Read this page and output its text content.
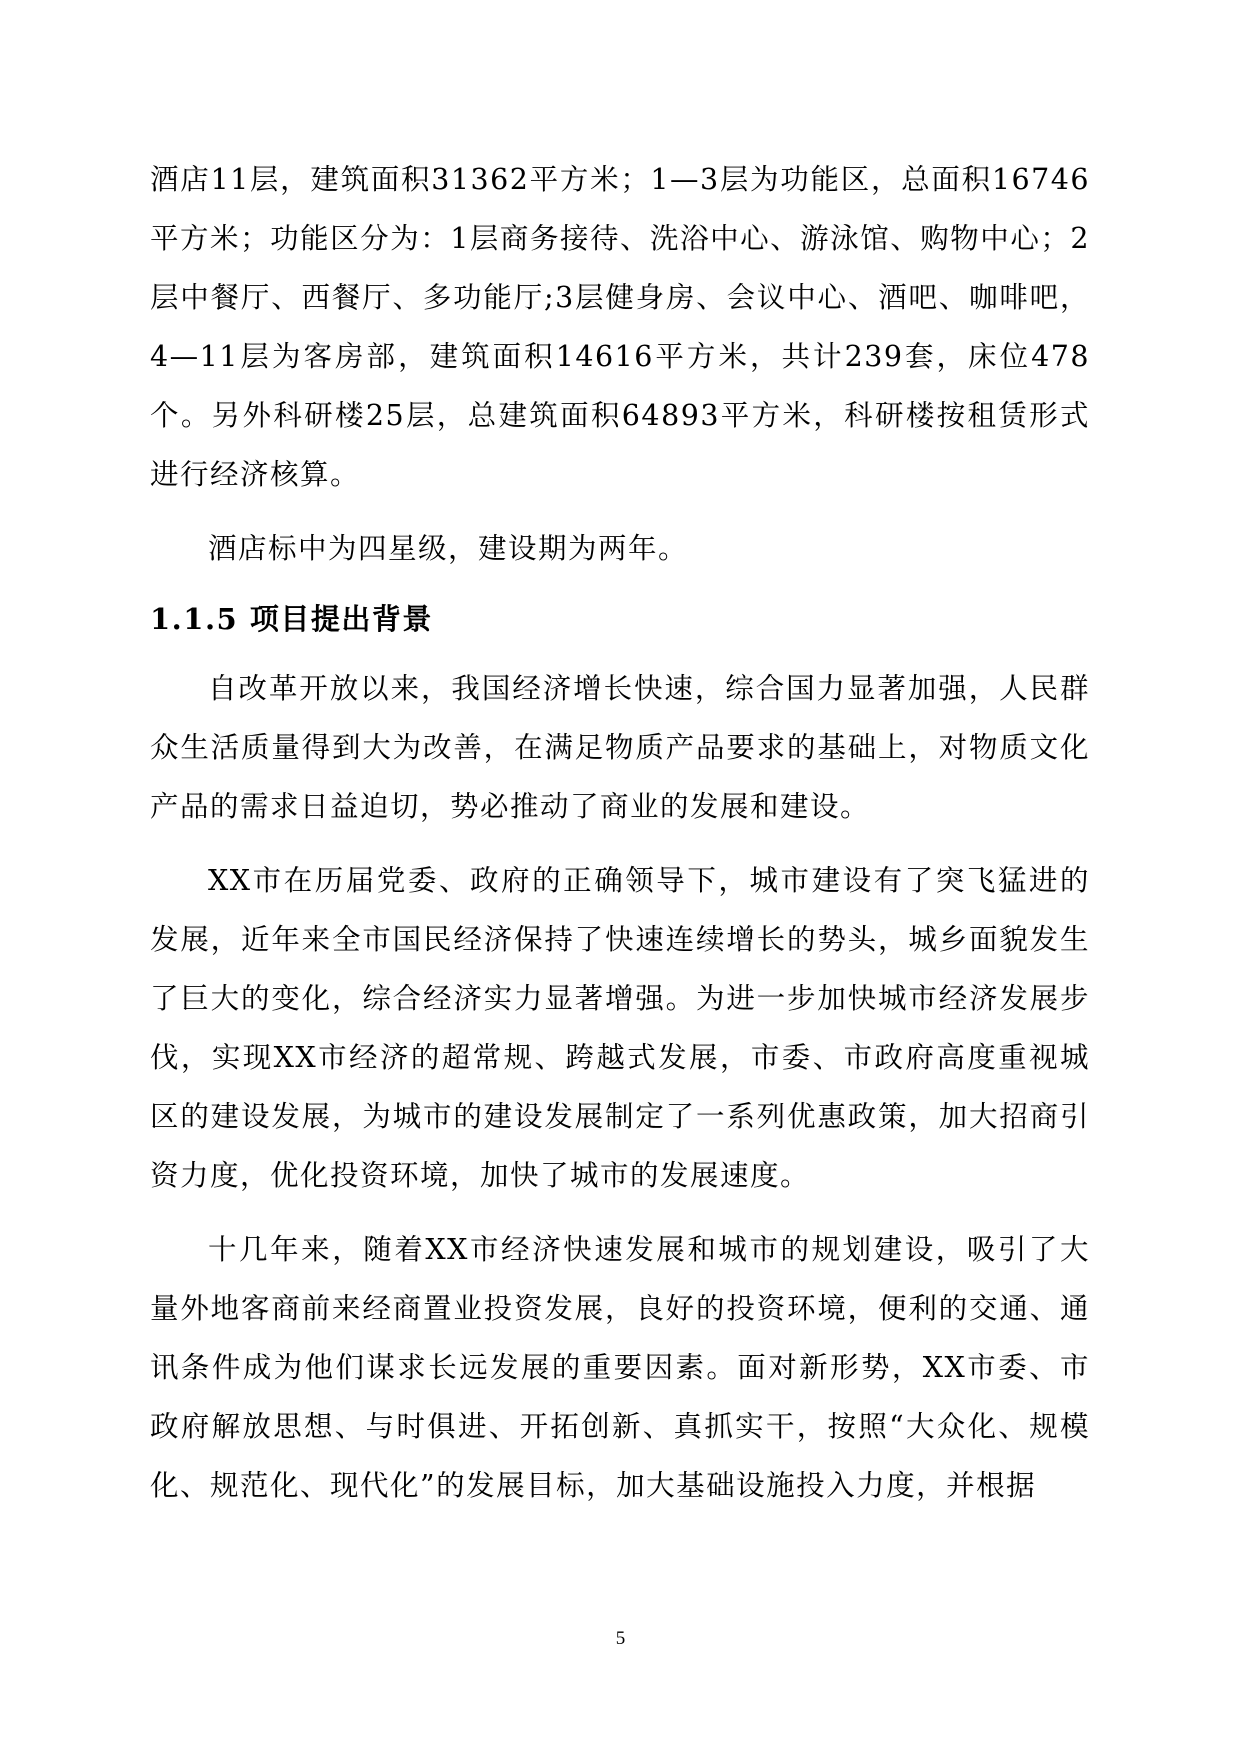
酒店11层，建筑面积31362平方米；1—3层为功能区，总面积16746平方米；功能区分为：1层商务接待、洗浴中心、游泳馆、购物中心；2层中餐厅、西餐厅、多功能厅;3层健身房、会议中心、酒吧、咖啡吧，4—11层为客房部，建筑面积14616平方米，共计239套，床位478个。另外科研楼25层，总建筑面积64893平方米，科研楼按租赁形式进行经济核算。

酒店标中为四星级，建设期为两年。

1.1.5 项目提出背景

自改革开放以来，我国经济增长快速，综合国力显著加强，人民群众生活质量得到大为改善，在满足物质产品要求的基础上，对物质文化产品的需求日益迫切，势必推动了商业的发展和建设。

XX市在历届党委、政府的正确领导下，城市建设有了突飞猛进的发展，近年来全市国民经济保持了快速连续增长的势头，城乡面貌发生了巨大的变化，综合经济实力显著增强。为进一步加快城市经济发展步伐，实现XX市经济的超常规、跨越式发展，市委、市政府高度重视城区的建设发展，为城市的建设发展制定了一系列优惠政策，加大招商引资力度，优化投资环境，加快了城市的发展速度。

十几年来，随着XX市经济快速发展和城市的规划建设，吸引了大量外地客商前来经商置业投资发展，良好的投资环境，便利的交通、通讯条件成为他们谋求长远发展的重要因素。面对新形势，XX市委、市政府解放思想、与时俱进、开拓创新、真抓实干，按照“大众化、规模化、规范化、现代化”的发展目标，加大基础设施投入力度，并根据

5
